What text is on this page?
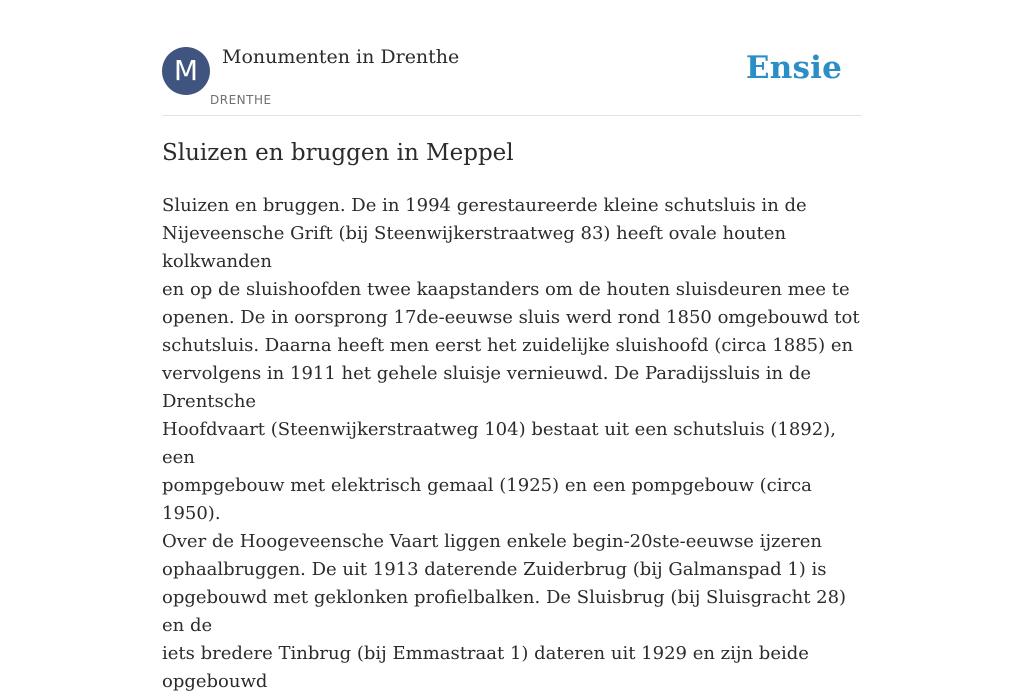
M	Monumenten in Drenthe
DRENTHE
Ensie
Sluizen en bruggen in Meppel

Sluizen en bruggen. De in 1994 gerestaureerde kleine schutsluis in de
Nijeveensche Grift (bij Steenwijkerstraatweg 83) heeft ovale houten kolkwanden
en op de sluishoofden twee kaapstanders om de houten sluisdeuren mee te
openen. De in oorsprong 17de-eeuwse sluis werd rond 1850 omgebouwd tot
schutsluis. Daarna heeft men eerst het zuidelijke sluishoofd (circa 1885) en
vervolgens in 1911 het gehele sluisje vernieuwd. De Paradijssluis in de Drentsche
Hoofdvaart (Steenwijkerstraatweg 104) bestaat uit een schutsluis (1892), een
pompgebouw met elektrisch gemaal (1925) en een pompgebouw (circa 1950).
Over de Hoogeveensche Vaart liggen enkele begin-20ste-eeuwse ijzeren
ophaalbruggen. De uit 1913 daterende Zuiderbrug (bij Galmanspad 1) is
opgebouwd met geklonken profielbalken. De Sluisbrug (bij Sluisgracht 28) en de
iets bredere Tinbrug (bij Emmastraat 1) dateren uit 1929 en zijn beide opgebouwd
